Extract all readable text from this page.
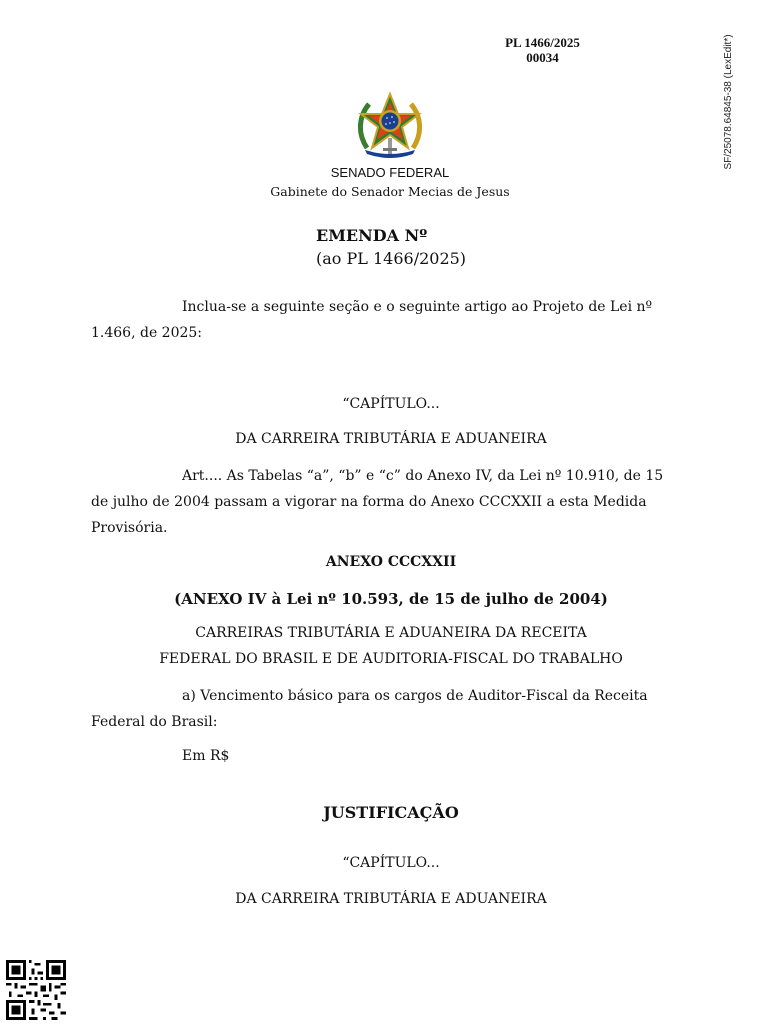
PL 1466/2025
00034	SF/25078.64845-38 (LexEdit*)
SENADO FEDERAL
Gabinete do Senador Mecias de Jesus
EMENDA Nº
(ao PL 1466/2025)
Inclua-se a seguinte seção e o seguinte artigo ao Projeto de Lei nº 1.466, de 2025:
“CAPÍTULO...
DA CARREIRA TRIBUTÁRIA E ADUANEIRA
Art.... As Tabelas “a”, “b” e “c” do Anexo IV, da Lei nº 10.910, de 15 de julho de 2004 passam a vigorar na forma do Anexo CCCXXII a esta Medida Provisória.
ANEXO CCCXXII
(ANEXO IV à Lei nº 10.593, de 15 de julho de 2004)
CARREIRAS TRIBUTÁRIA E ADUANEIRA DA RECEITA
FEDERAL DO BRASIL E DE AUDITORIA-FISCAL DO TRABALHO
a) Vencimento básico para os cargos de Auditor-Fiscal da Receita Federal do Brasil:
Em R$
JUSTIFICAÇÃO
“CAPÍTULO...
DA CARREIRA TRIBUTÁRIA E ADUANEIRA
